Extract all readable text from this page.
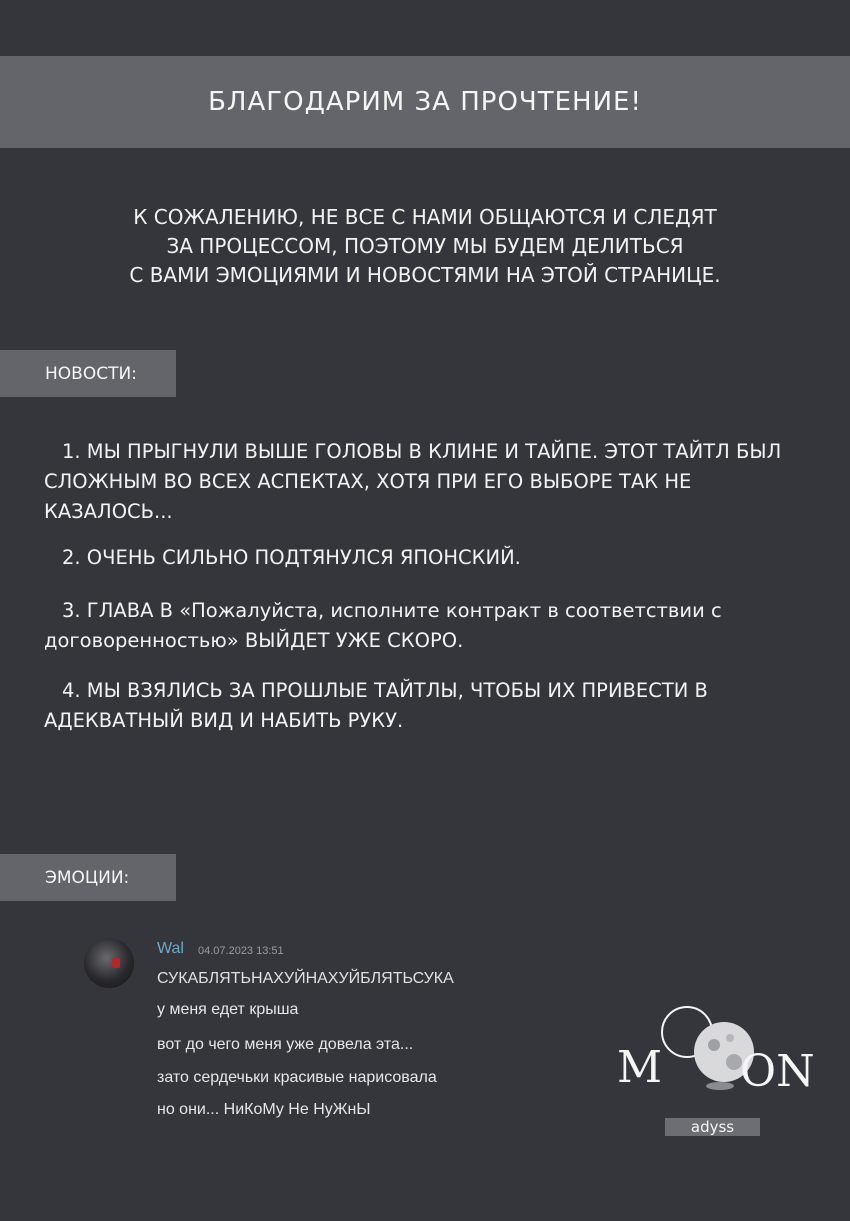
БЛАГОДАРИМ ЗА ПРОЧТЕНИЕ!
К СОЖАЛЕНИЮ, НЕ ВСЕ С НАМИ ОБЩАЮТСЯ И СЛЕДЯТ
ЗА ПРОЦЕССОМ, ПОЭТОМУ МЫ БУДЕМ ДЕЛИТЬСЯ
С ВАМИ ЭМОЦИЯМИ И НОВОСТЯМИ НА ЭТОЙ СТРАНИЦЕ.
НОВОСТИ:
1. МЫ ПРЫГНУЛИ ВЫШЕ ГОЛОВЫ В КЛИНЕ И ТАЙПЕ. ЭТОТ ТАЙТЛ БЫЛ СЛОЖНЫМ ВО ВСЕХ АСПЕКТАХ, ХОТЯ ПРИ ЕГО ВЫБОРЕ ТАК НЕ КАЗАЛОСЬ...
2. ОЧЕНЬ СИЛЬНО ПОДТЯНУЛСЯ ЯПОНСКИЙ.
3. ГЛАВА В «Пожалуйста, исполните контракт в соответствии с договоренностью» ВЫЙДЕТ УЖЕ СКОРО.
4. МЫ ВЗЯЛИСЬ ЗА ПРОШЛЫЕ ТАЙТЛЫ, ЧТОБЫ ИХ ПРИВЕСТИ В АДЕКВАТНЫЙ ВИД И НАБИТЬ РУКУ.
ЭМОЦИИ:
Wal 04.07.2023 13:51
СУКАБЛЯТЬНАХУЙНАХУЙБЛЯТЬСУКА
у меня едет крыша
вот до чего меня уже довела эта...
зато сердечьки красивые нарисовала
но они... НиКоМу Не НуЖнЫ
M ON
adyss
